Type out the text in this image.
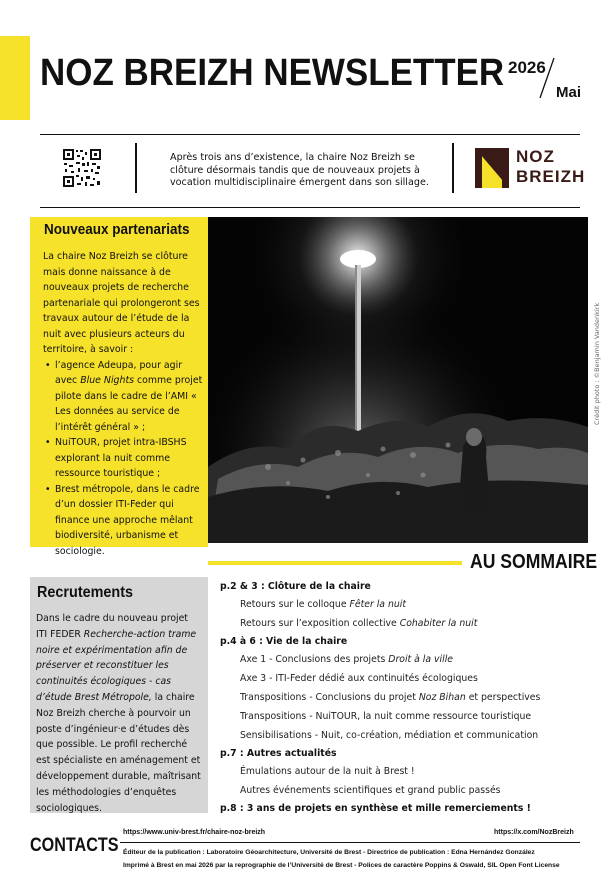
NOZ BREIZH NEWSLETTER 2026
Mai
Après trois ans d’existence, la chaire Noz Breizh se clôture désormais tandis que de nouveaux projets à vocation multidisciplinaire émergent dans son sillage.
NOZ
BREIZH
Nouveaux partenariats

La chaire Noz Breizh se clôture mais donne naissance à de nouveaux projets de recherche partenariale qui prolongeront ses travaux autour de l’étude de la nuit avec plusieurs acteurs du territoire, à savoir :

• l’agence Adeupa, pour agir avec Blue Nights comme projet pilote dans le cadre de l’AMI « Les données au service de l’intérêt général » ;
• NuiTOUR, projet intra-IBSHS explorant la nuit comme ressource touristique ;
• Brest métropole, dans le cadre d’un dossier ITI-Feder qui finance une approche mêlant biodiversité, urbanisme et sociologie.
Crédit photo : ©Benjamin Vandenkirk
AU SOMMAIRE
Recrutements
Dans le cadre du nouveau projet ITI FEDER Recherche-action trame noire et expérimentation afin de préserver et reconstituer les continuités écologiques - cas d’étude Brest Métropole, la chaire Noz Breizh cherche à pourvoir un poste d’ingénieur·e d’études dès que possible. Le profil recherché est spécialiste en aménagement et développement durable, maîtrisant les méthodologies d’enquêtes sociologiques.
p.2 & 3 : Clôture de la chaire
Retours sur le colloque Fêter la nuit
Retours sur l’exposition collective Cohabiter la nuit
p.4 à 6 : Vie de la chaire
Axe 1 - Conclusions des projets Droit à la ville
Axe 3 - ITI-Feder dédié aux continuités écologiques
Transpositions - Conclusions du projet Noz Bihan et perspectives
Transpositions - NuiTOUR, la nuit comme ressource touristique
Sensibilisations - Nuit, co-création, médiation et communication
p.7 : Autres actualités
Émulations autour de la nuit à Brest !
Autres événements scientifiques et grand public passés
p.8 : 3 ans de projets en synthèse et mille remerciements !
CONTACTS
https://www.univ-brest.fr/chaire-noz-breizh	https://x.com/NozBreizh
Éditeur de la publication : Laboratoire Géoarchitecture, Université de Brest - Directrice de publication : Edna Hernández González
Imprimé à Brest en mai 2026 par la reprographie de l’Université de Brest - Polices de caractère Poppins & Oswald, SIL Open Font License
